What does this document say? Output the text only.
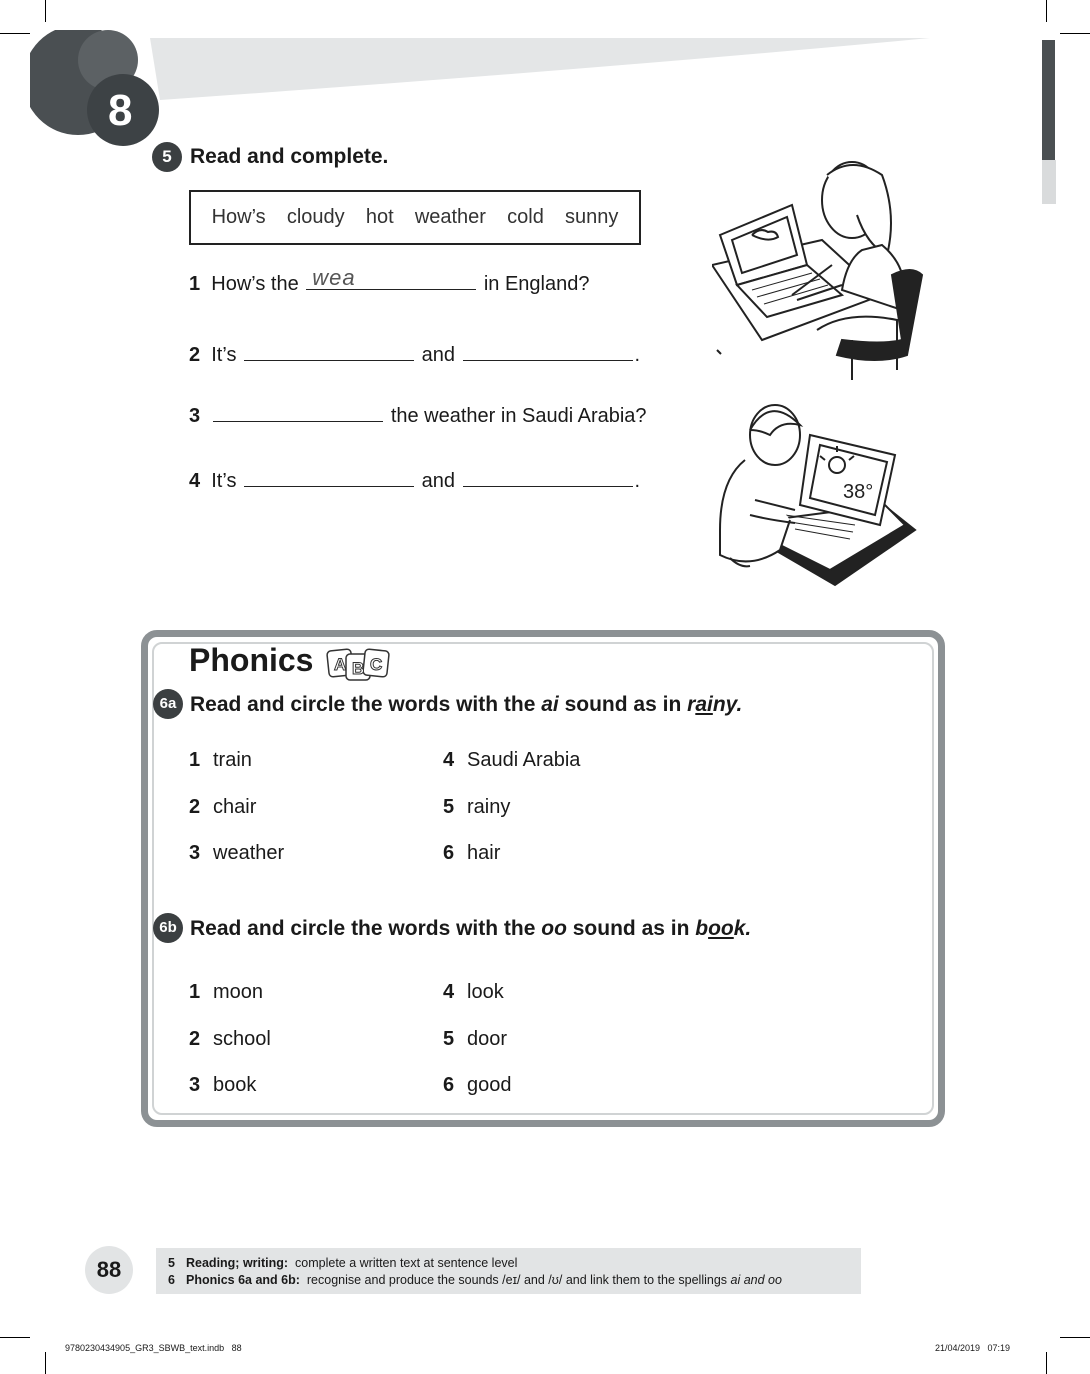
8
5 Read and complete.
How’s cloudy hot weather cold sunny
1 How’s the wea	in England?
2 It’s	and	.
3	the weather in Saudi Arabia?
4 It’s	and	.	38°
Phonics A B C
6a Read and circle the words with the ai sound as in rainy.
1 train
2 chair
3 weather
4 Saudi Arabia
5 rainy
6 hair
6b Read and circle the words with the oo sound as in book.
1 moon
2 school
3 book
4 look
5 door
6 good
88	5 Reading; writing: complete a written text at sentence level
6 Phonics 6a and 6b: recognise and produce the sounds /eɪ/ and /ʊ/ and link them to the spellings ai and oo
9780230434905_GR3_SBWB_text.indb   88	21/04/2019   07:19
